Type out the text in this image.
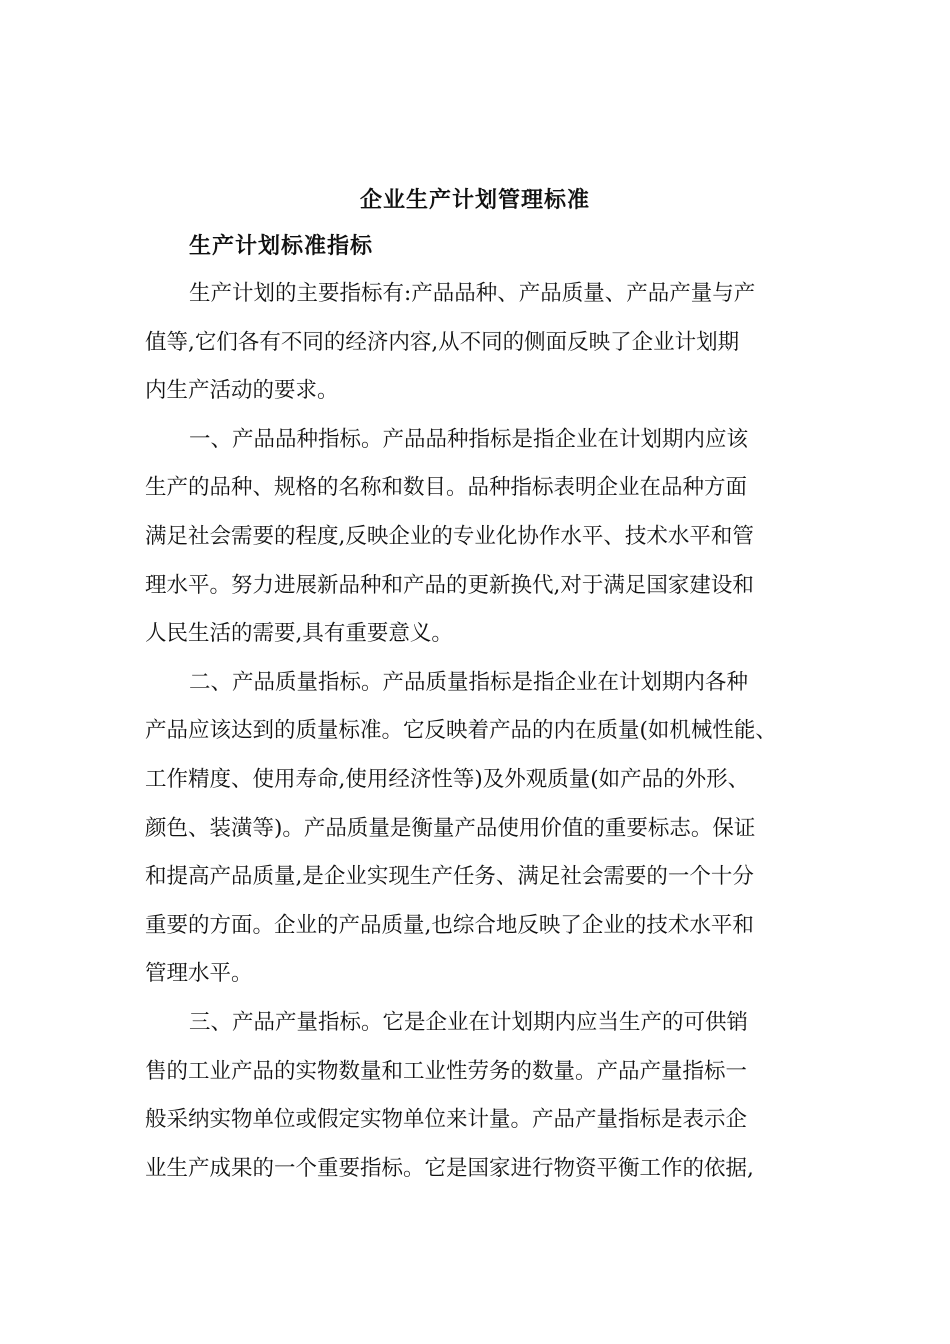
企业生产计划管理标准
生产计划标准指标
生产计划的主要指标有:产品品种、产品质量、产品产量与产
值等,它们各有不同的经济内容,从不同的侧面反映了企业计划期
内生产活动的要求。
一、产品品种指标。产品品种指标是指企业在计划期内应该
生产的品种、规格的名称和数目。品种指标表明企业在品种方面
满足社会需要的程度,反映企业的专业化协作水平、技术水平和管
理水平。努力进展新品种和产品的更新换代,对于满足国家建设和
人民生活的需要,具有重要意义。
二、产品质量指标。产品质量指标是指企业在计划期内各种
产品应该达到的质量标准。它反映着产品的内在质量(如机械性能、
工作精度、使用寿命,使用经济性等)及外观质量(如产品的外形、
颜色、装潢等)。产品质量是衡量产品使用价值的重要标志。保证
和提高产品质量,是企业实现生产任务、满足社会需要的一个十分
重要的方面。企业的产品质量,也综合地反映了企业的技术水平和
管理水平。
三、产品产量指标。它是企业在计划期内应当生产的可供销
售的工业产品的实物数量和工业性劳务的数量。产品产量指标一
般采纳实物单位或假定实物单位来计量。产品产量指标是表示企
业生产成果的一个重要指标。它是国家进行物资平衡工作的依据,
